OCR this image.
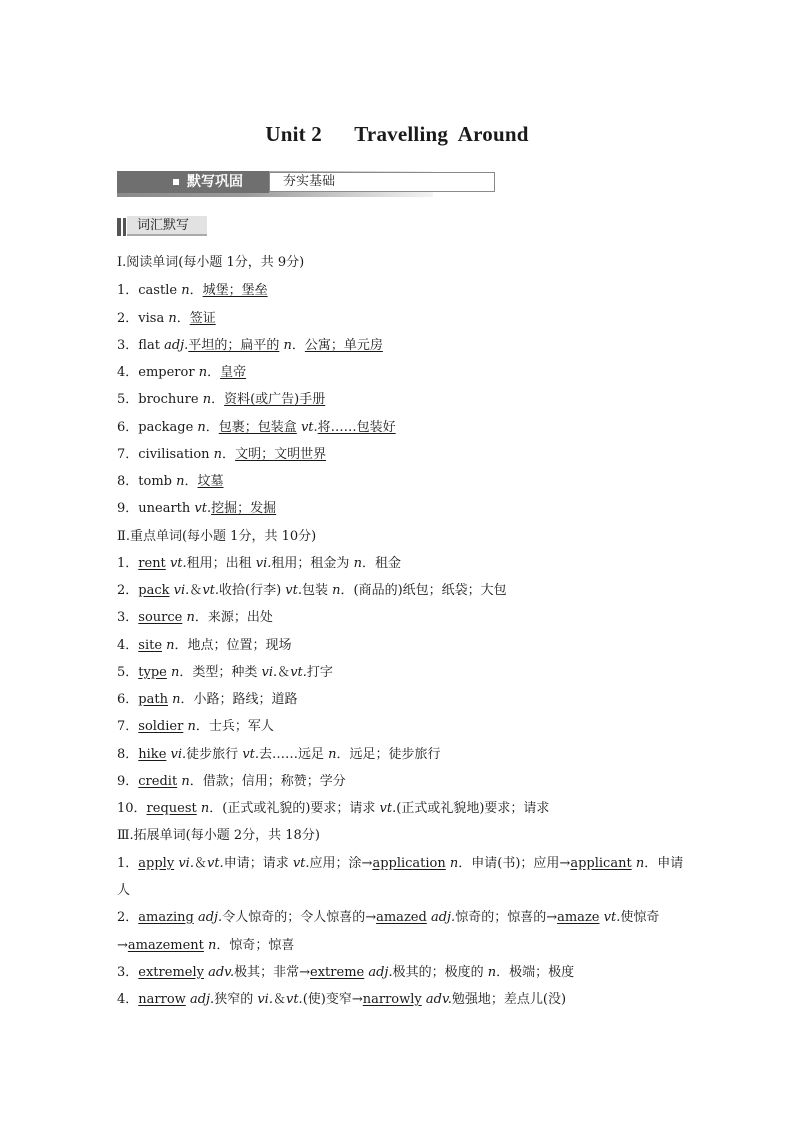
Unit 2      Travelling  Around
默写巩固	夯实基础
词汇默写
Ⅰ.阅读单词(每小题 1分，共 9分)
1．castle n．城堡；堡垒
2．visa n．签证
3．flat adj.平坦的；扁平的 n．公寓；单元房
4．emperor n．皇帝
5．brochure n．资料(或广告)手册
6．package n．包裹；包装盒 vt.将……包装好
7．civilisation n．文明；文明世界
8．tomb n．坟墓
9．unearth vt.挖掘；发掘
Ⅱ.重点单词(每小题 1分，共 10分)
1．rent vt.租用；出租 vi.租用；租金为 n．租金
2．pack vi.＆vt.收拾(行李) vt.包装 n．(商品的)纸包；纸袋；大包
3．source n．来源；出处
4．site n．地点；位置；现场
5．type n．类型；种类 vi.＆vt.打字
6．path n．小路；路线；道路
7．soldier n．士兵；军人
8．hike vi.徒步旅行 vt.去……远足 n．远足；徒步旅行
9．credit n．借款；信用；称赞；学分
10．request n．(正式或礼貌的)要求；请求 vt.(正式或礼貌地)要求；请求
Ⅲ.拓展单词(每小题 2分，共 18分)
1．apply vi.＆vt.申请；请求 vt.应用；涂→application n．申请(书)；应用→applicant n．申请
人
2．amazing adj.令人惊奇的；令人惊喜的→amazed adj.惊奇的；惊喜的→amaze vt.使惊奇
→amazement n．惊奇；惊喜
3．extremely adv.极其；非常→extreme adj.极其的；极度的 n．极端；极度
4．narrow adj.狭窄的 vi.＆vt.(使)变窄→narrowly adv.勉强地；差点儿(没)
